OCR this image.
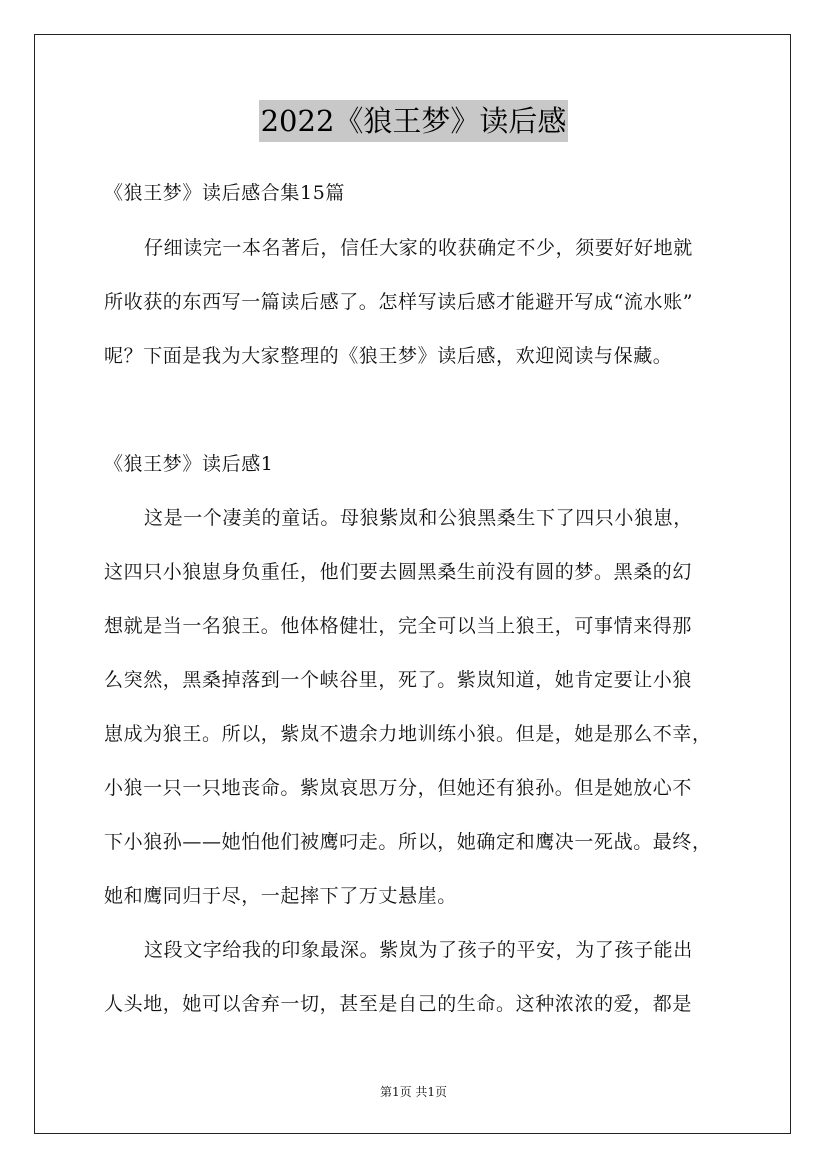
2022《狼王梦》读后感
《狼王梦》读后感合集15篇
仔细读完一本名著后，信任大家的收获确定不少，须要好好地就
所收获的东西写一篇读后感了。怎样写读后感才能避开写成“流水账”
呢？下面是我为大家整理的《狼王梦》读后感，欢迎阅读与保藏。
《狼王梦》读后感1
这是一个凄美的童话。母狼紫岚和公狼黑桑生下了四只小狼崽，
这四只小狼崽身负重任，他们要去圆黑桑生前没有圆的梦。黑桑的幻
想就是当一名狼王。他体格健壮，完全可以当上狼王，可事情来得那
么突然，黑桑掉落到一个峡谷里，死了。紫岚知道，她肯定要让小狼
崽成为狼王。所以，紫岚不遗余力地训练小狼。但是，她是那么不幸，
小狼一只一只地丧命。紫岚哀思万分，但她还有狼孙。但是她放心不
下小狼孙——她怕他们被鹰叼走。所以，她确定和鹰决一死战。最终，
她和鹰同归于尽，一起摔下了万丈悬崖。
这段文字给我的印象最深。紫岚为了孩子的平安，为了孩子能出
人头地，她可以舍弃一切，甚至是自己的生命。这种浓浓的爱，都是
第1页 共1页
